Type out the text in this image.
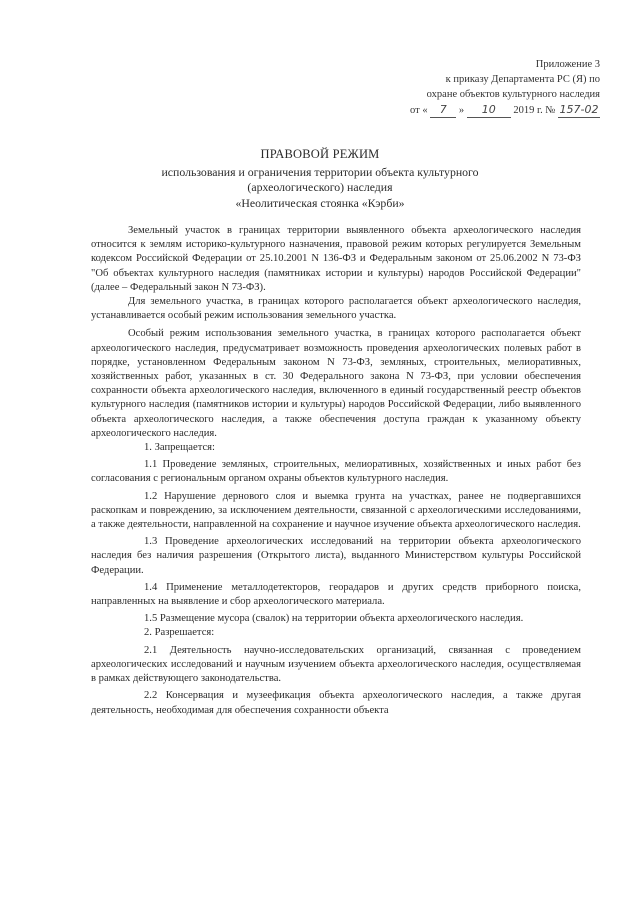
Приложение 3
к приказу Департамента РС (Я) по
охране объектов культурного наследия
от « 7 » 10 2019 г. № 157-02
ПРАВОВОЙ РЕЖИМ
использования и ограничения территории объекта культурного
(археологического) наследия
«Неолитическая стоянка «Кэрби»

Земельный участок в границах территории выявленного объекта археологического наследия относится к землям историко-культурного назначения, правовой режим которых регулируется Земельным кодексом Российской Федерации от 25.10.2001 N 136-ФЗ и Федеральным законом от 25.06.2002 N 73-ФЗ "Об объектах культурного наследия (памятниках истории и культуры) народов Российской Федерации" (далее – Федеральный закон N 73-ФЗ).

Для земельного участка, в границах которого располагается объект археологического наследия, устанавливается особый режим использования земельного участка.

Особый режим использования земельного участка, в границах которого располагается объект археологического наследия, предусматривает возможность проведения археологических полевых работ в порядке, установленном Федеральным законом N 73-ФЗ, земляных, строительных, мелиоративных, хозяйственных работ, указанных в ст. 30 Федерального закона N 73-ФЗ, при условии обеспечения сохранности объекта археологического наследия, включенного в единый государственный реестр объектов культурного наследия (памятников истории и культуры) народов Российской Федерации, либо выявленного объекта археологического наследия, а также обеспечения доступа граждан к указанному объекту археологического наследия.

1. Запрещается:

1.1 Проведение земляных, строительных, мелиоративных, хозяйственных и иных работ без согласования с региональным органом охраны объектов культурного наследия.

1.2 Нарушение дернового слоя и выемка грунта на участках, ранее не подвергавшихся раскопкам и повреждению, за исключением деятельности, связанной с археологическими исследованиями, а также деятельности, направленной на сохранение и научное изучение объекта археологического наследия.

1.3 Проведение археологических исследований на территории объекта археологического наследия без наличия разрешения (Открытого листа), выданного Министерством культуры Российской Федерации.

1.4 Применение металлодетекторов, георадаров и других средств приборного поиска, направленных на выявление и сбор археологического материала.

1.5 Размещение мусора (свалок) на территории объекта археологического наследия.

2. Разрешается:

2.1 Деятельность научно-исследовательских организаций, связанная с проведением археологических исследований и научным изучением объекта археологического наследия, осуществляемая в рамках действующего законодательства.

2.2 Консервация и музеефикация объекта археологического наследия, а также другая деятельность, необходимая для обеспечения сохранности объекта
